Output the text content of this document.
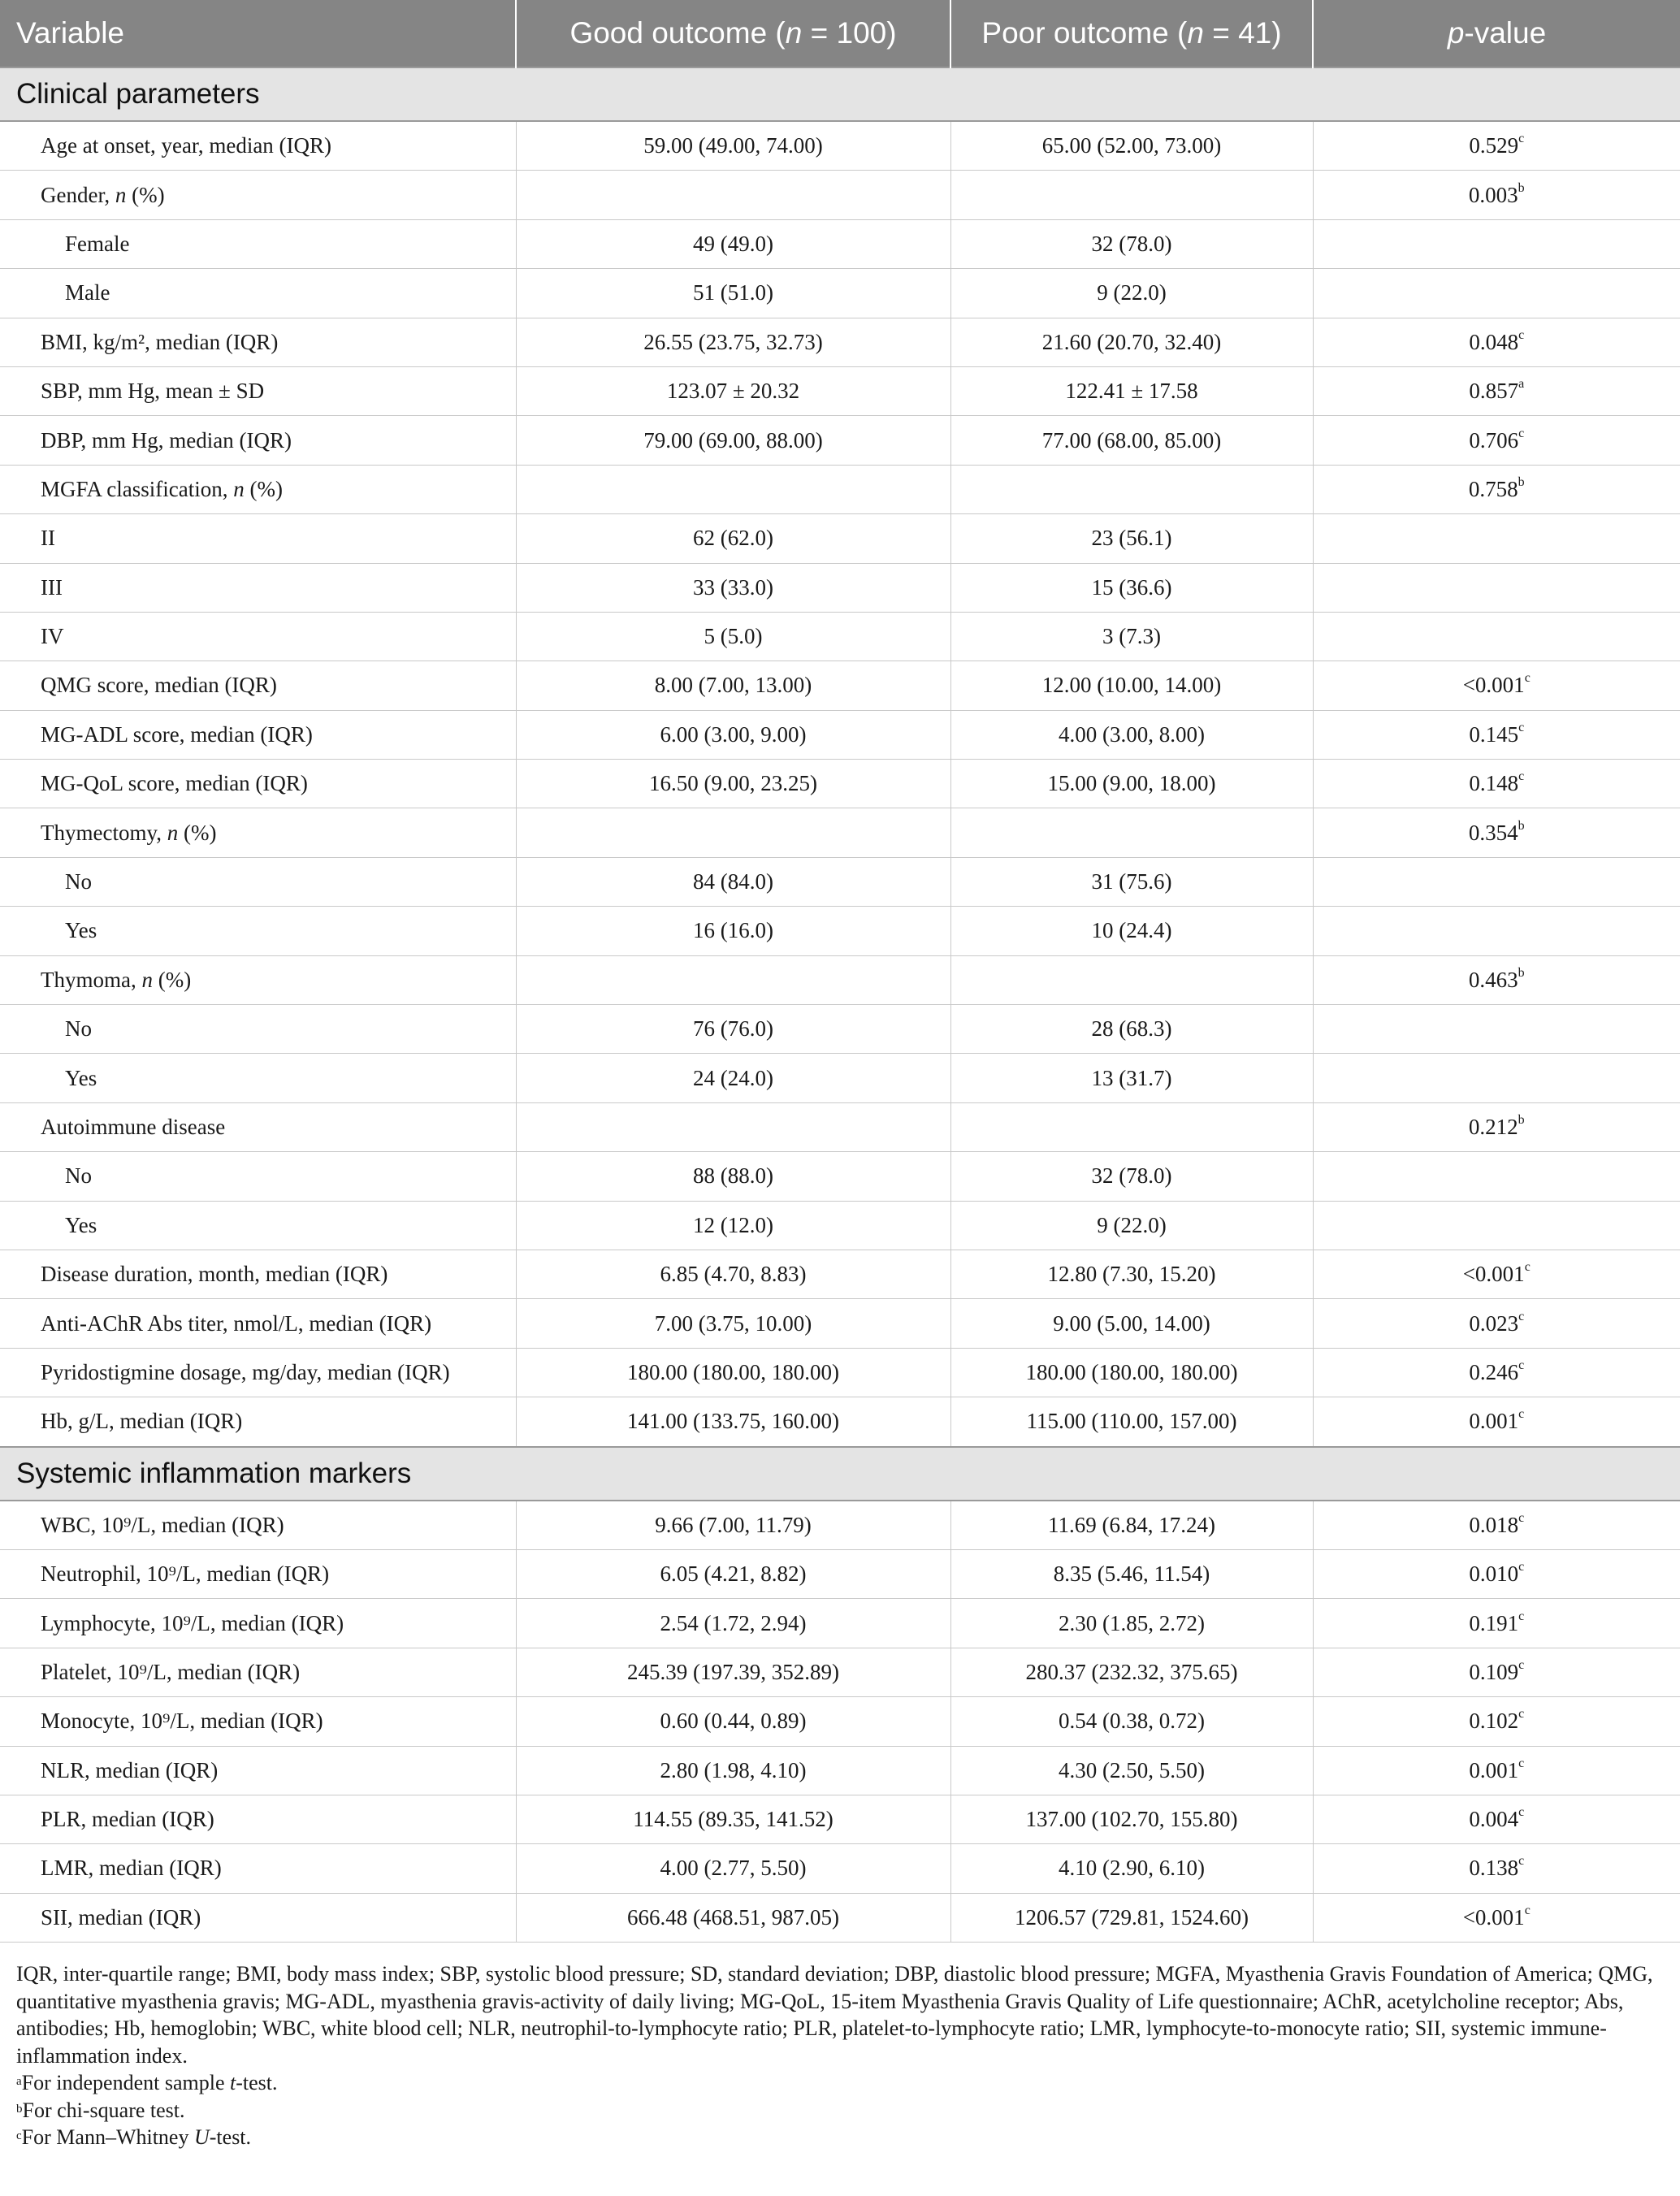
Variable	Good outcome (n = 100)	Poor outcome (n = 41)	p-value
Clinical parameters			
Age at onset, year, median (IQR)	59.00 (49.00, 74.00)	65.00 (52.00, 73.00)	0.529$^c$
Gender, n (%)			0.003$^b$
Female	49 (49.0)	32 (78.0)	
Male	51 (51.0)	9 (22.0)	
BMI, kg/m², median (IQR)	26.55 (23.75, 32.73)	21.60 (20.70, 32.40)	0.048$^c$
SBP, mm Hg, mean ± SD	123.07 ± 20.32	122.41 ± 17.58	0.857$^a$
DBP, mm Hg, median (IQR)	79.00 (69.00, 88.00)	77.00 (68.00, 85.00)	0.706$^c$
MGFA classification, n (%)			0.758$^b$
II	62 (62.0)	23 (56.1)	
III	33 (33.0)	15 (36.6)	
IV	5 (5.0)	3 (7.3)	
QMG score, median (IQR)	8.00 (7.00, 13.00)	12.00 (10.00, 14.00)	<0.001$^c$
MG-ADL score, median (IQR)	6.00 (3.00, 9.00)	4.00 (3.00, 8.00)	0.145$^c$
MG-QoL score, median (IQR)	16.50 (9.00, 23.25)	15.00 (9.00, 18.00)	0.148$^c$
Thymectomy, n (%)			0.354$^b$
No	84 (84.0)	31 (75.6)	
Yes	16 (16.0)	10 (24.4)	
Thymoma, n (%)			0.463$^b$
No	76 (76.0)	28 (68.3)	
Yes	24 (24.0)	13 (31.7)	
Autoimmune disease			0.212$^b$
No	88 (88.0)	32 (78.0)	
Yes	12 (12.0)	9 (22.0)	
Disease duration, month, median (IQR)	6.85 (4.70, 8.83)	12.80 (7.30, 15.20)	<0.001$^c$
Anti-AChR Abs titer, nmol/L, median (IQR)	7.00 (3.75, 10.00)	9.00 (5.00, 14.00)	0.023$^c$
Pyridostigmine dosage, mg/day, median (IQR)	180.00 (180.00, 180.00)	180.00 (180.00, 180.00)	0.246$^c$
Hb, g/L, median (IQR)	141.00 (133.75, 160.00)	115.00 (110.00, 157.00)	0.001$^c$
Systemic inflammation markers			
WBC, 10⁹/L, median (IQR)	9.66 (7.00, 11.79)	11.69 (6.84, 17.24)	0.018$^c$
Neutrophil, 10⁹/L, median (IQR)	6.05 (4.21, 8.82)	8.35 (5.46, 11.54)	0.010$^c$
Lymphocyte, 10⁹/L, median (IQR)	2.54 (1.72, 2.94)	2.30 (1.85, 2.72)	0.191$^c$
Platelet, 10⁹/L, median (IQR)	245.39 (197.39, 352.89)	280.37 (232.32, 375.65)	0.109$^c$
Monocyte, 10⁹/L, median (IQR)	0.60 (0.44, 0.89)	0.54 (0.38, 0.72)	0.102$^c$
NLR, median (IQR)	2.80 (1.98, 4.10)	4.30 (2.50, 5.50)	0.001$^c$
PLR, median (IQR)	114.55 (89.35, 141.52)	137.00 (102.70, 155.80)	0.004$^c$
LMR, median (IQR)	4.00 (2.77, 5.50)	4.10 (2.90, 6.10)	0.138$^c$
SII, median (IQR)	666.48 (468.51, 987.05)	1206.57 (729.81, 1524.60)	<0.001$^c$

IQR, inter-quartile range; BMI, body mass index; SBP, systolic blood pressure; SD, standard deviation; DBP, diastolic blood pressure; MGFA, Myasthenia Gravis Foundation of America; QMG, quantitative myasthenia gravis; MG-ADL, myasthenia gravis-activity of daily living; MG-QoL, 15-item Myasthenia Gravis Quality of Life questionnaire; AChR, acetylcholine receptor; Abs, antibodies; Hb, hemoglobin; WBC, white blood cell; NLR, neutrophil-to-lymphocyte ratio; PLR, platelet-to-lymphocyte ratio; LMR, lymphocyte-to-monocyte ratio; SII, systemic immune-inflammation index.

$^a$For independent sample t-test.

$^b$For chi-square test.

$^c$For Mann–Whitney U-test.
